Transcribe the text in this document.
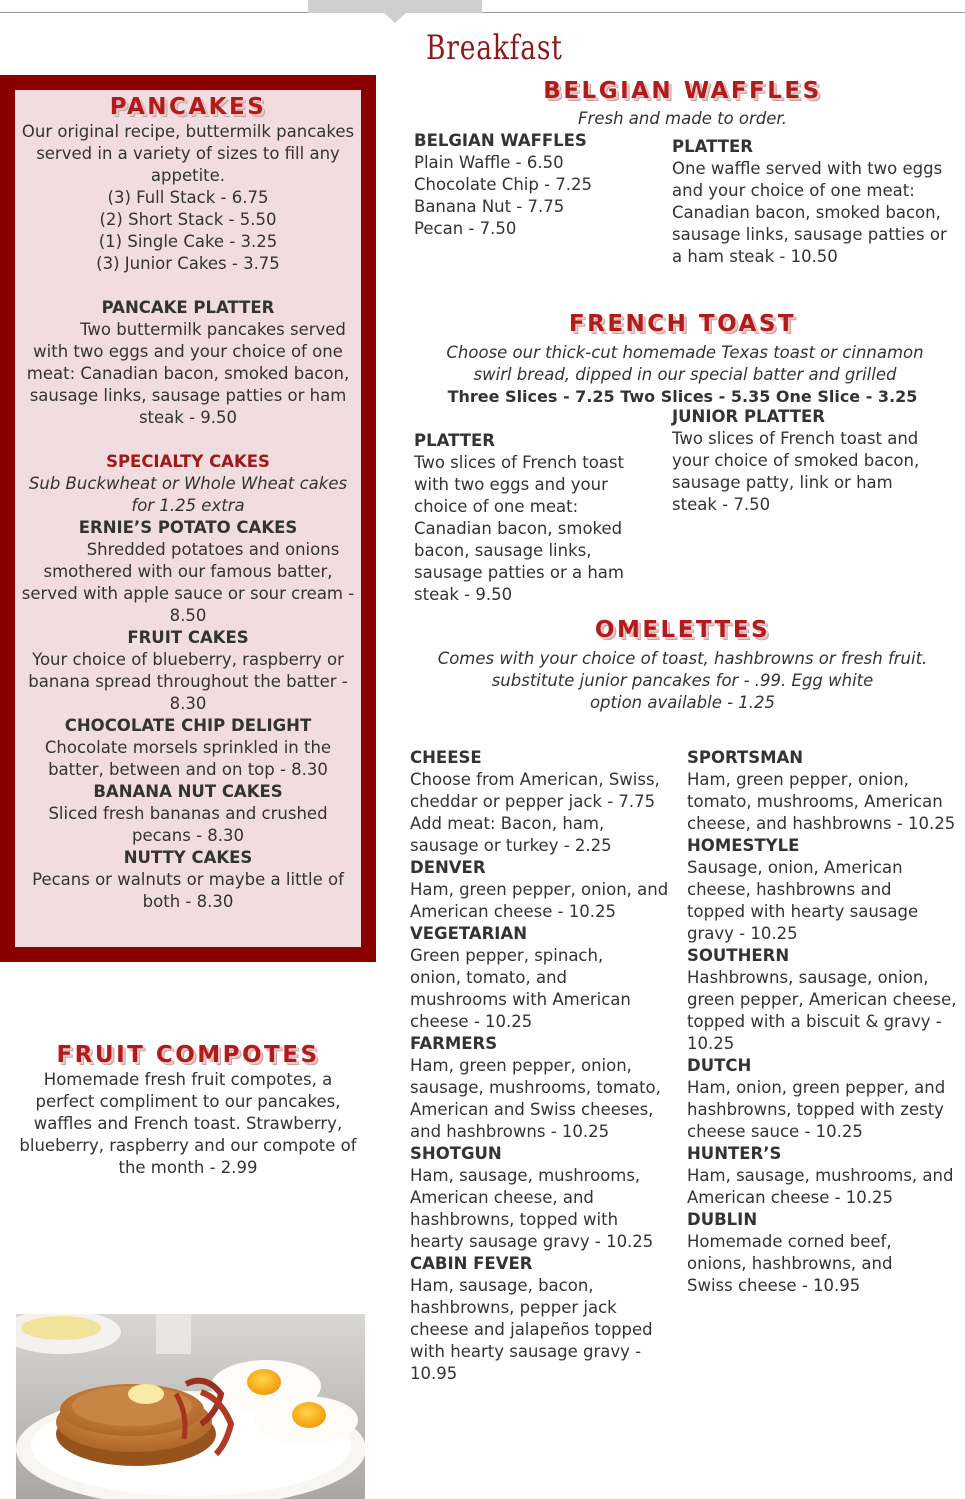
Breakfast
PANCAKES
Our original recipe, buttermilk pancakes served in a variety of sizes to fill any appetite.
(3) Full Stack - 6.75
(2) Short Stack - 5.50
(1) Single Cake - 3.25
(3) Junior Cakes - 3.75
PANCAKE PLATTER
Two buttermilk pancakes served with two eggs and your choice of one meat: Canadian bacon, smoked bacon, sausage links, sausage patties or ham steak - 9.50
SPECIALTY CAKES
Sub Buckwheat or Whole Wheat cakes for 1.25 extra
ERNIE’S POTATO CAKES
Shredded potatoes and onions smothered with our famous batter, served with apple sauce or sour cream - 8.50
FRUIT CAKES
Your choice of blueberry, raspberry or banana spread throughout the batter - 8.30
CHOCOLATE CHIP DELIGHT
Chocolate morsels sprinkled in the batter, between and on top - 8.30
BANANA NUT CAKES
Sliced fresh bananas and crushed pecans - 8.30
NUTTY CAKES
Pecans or walnuts or maybe a little of both - 8.30
FRUIT COMPOTES
Homemade fresh fruit compotes, a perfect compliment to our pancakes, waffles and French toast. Strawberry, blueberry, raspberry and our compote of the month - 2.99
BELGIAN WAFFLES
Fresh and made to order.
BELGIAN WAFFLES
Plain Waffle - 6.50
Chocolate Chip - 7.25
Banana Nut - 7.75
Pecan - 7.50
PLATTER
One waffle served with two eggs and your choice of one meat: Canadian bacon, smoked bacon, sausage links, sausage patties or a ham steak - 10.50
FRENCH TOAST
Choose our thick-cut homemade Texas toast or cinnamon swirl bread, dipped in our special batter and grilled
Three Slices - 7.25 Two Slices - 5.35 One Slice - 3.25
PLATTER
Two slices of French toast with two eggs and your choice of one meat: Canadian bacon, smoked bacon, sausage links, sausage patties or a ham steak - 9.50
JUNIOR PLATTER
Two slices of French toast and your choice of smoked bacon, sausage patty, link or ham steak - 7.50
OMELETTES
Comes with your choice of toast, hashbrowns or fresh fruit.
substitute junior pancakes for - .99. Egg white
option available - 1.25
CHEESE
Choose from American, Swiss, cheddar or pepper jack - 7.75 Add meat: Bacon, ham, sausage or turkey - 2.25
DENVER
Ham, green pepper, onion, and American cheese - 10.25
VEGETARIAN
Green pepper, spinach, onion, tomato, and mushrooms with American cheese - 10.25
FARMERS
Ham, green pepper, onion, sausage, mushrooms, tomato, American and Swiss cheeses, and hashbrowns - 10.25
SHOTGUN
Ham, sausage, mushrooms, American cheese, and hashbrowns, topped with hearty sausage gravy - 10.25
CABIN FEVER
Ham, sausage, bacon, hashbrowns, pepper jack cheese and jalapeños topped with hearty sausage gravy - 10.95
SPORTSMAN
Ham, green pepper, onion, tomato, mushrooms, American cheese, and hashbrowns - 10.25
HOMESTYLE
Sausage, onion, American cheese, hashbrowns and topped with hearty sausage gravy - 10.25
SOUTHERN
Hashbrowns, sausage, onion, green pepper, American cheese, topped with a biscuit & gravy - 10.25
DUTCH
Ham, onion, green pepper, and hashbrowns, topped with zesty cheese sauce - 10.25
HUNTER’S
Ham, sausage, mushrooms, and American cheese - 10.25
DUBLIN
Homemade corned beef, onions, hashbrowns, and Swiss cheese - 10.95
